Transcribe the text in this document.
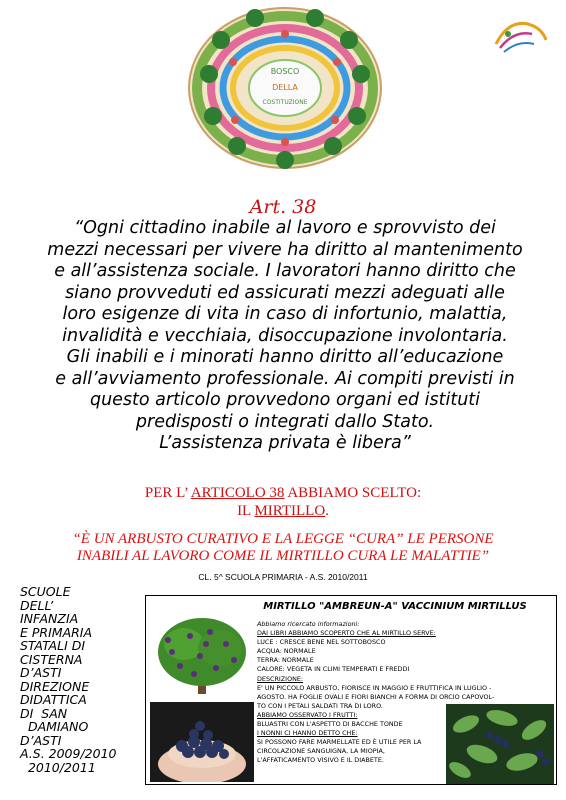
BOSCO
DELLA
COSTITUZIONE
Art. 38
“Ogni cittadino inabile al lavoro e sprovvisto dei
mezzi necessari per vivere ha diritto al mantenimento
e all’assistenza sociale. I lavoratori hanno diritto che
siano provveduti ed assicurati mezzi adeguati alle
loro esigenze di vita in caso di infortunio, malattia,
invalidità e vecchiaia, disoccupazione involontaria.
Gli inabili e i minorati hanno diritto all’educazione
e all’avviamento professionale. Ai compiti previsti in
questo articolo provvedono organi ed istituti
predisposti o integrati dallo Stato.
L’assistenza privata è libera”
PER L’ ARTICOLO 38 ABBIAMO SCELTO:
IL MIRTILLO.
“È UN ARBUSTO CURATIVO E LA LEGGE “CURA” LE PERSONE
INABILI AL LAVORO COME IL MIRTILLO CURA LE MALATTIE”
CL. 5^ SCUOLA PRIMARIA - A.S. 2010/2011
SCUOLE
DELL’
INFANZIA
E PRIMARIA
STATALI DI
CISTERNA
D’ASTI
DIREZIONE
DIDATTICA
DI  SAN
DAMIANO
D’ASTI
A.S. 2009/2010
2010/2011
MIRTILLO "AMBREUN-A" VACCINIUM MIRTILLUS
Abbiamo ricercato informazioni:
DAI LIBRI ABBIAMO SCOPERTO CHE AL MIRTILLO SERVE:
LUCE : CRESCE BENE NEL SOTTOBOSCO
ACQUA: NORMALE
TERRA: NORMALE
CALORE: VEGETA IN CLIMI TEMPERATI E FREDDI
DESCRIZIONE:
E' UN PICCOLO ARBUSTO, FIORISCE IN MAGGIO E FRUTTIFICA IN LUGLIO -
AGOSTO. HA FOGLIE OVALI E FIORI BIANCHI A FORMA DI ORCIO CAPOVOL-
TO CON I PETALI SALDATI TRA DI LORO.
ABBIAMO OSSERVATO I FRUTTI:
BLUASTRI CON L'ASPETTO DI BACCHE TONDE
I NONNI CI HANNO DETTO CHE:
SI POSSONO FARE MARMELLATE ED È UTILE PER LA
CIRCOLAZIONE SANGUIGNA, LA MIOPIA,
L'AFFATICAMENTO VISIVO E IL DIABETE.
